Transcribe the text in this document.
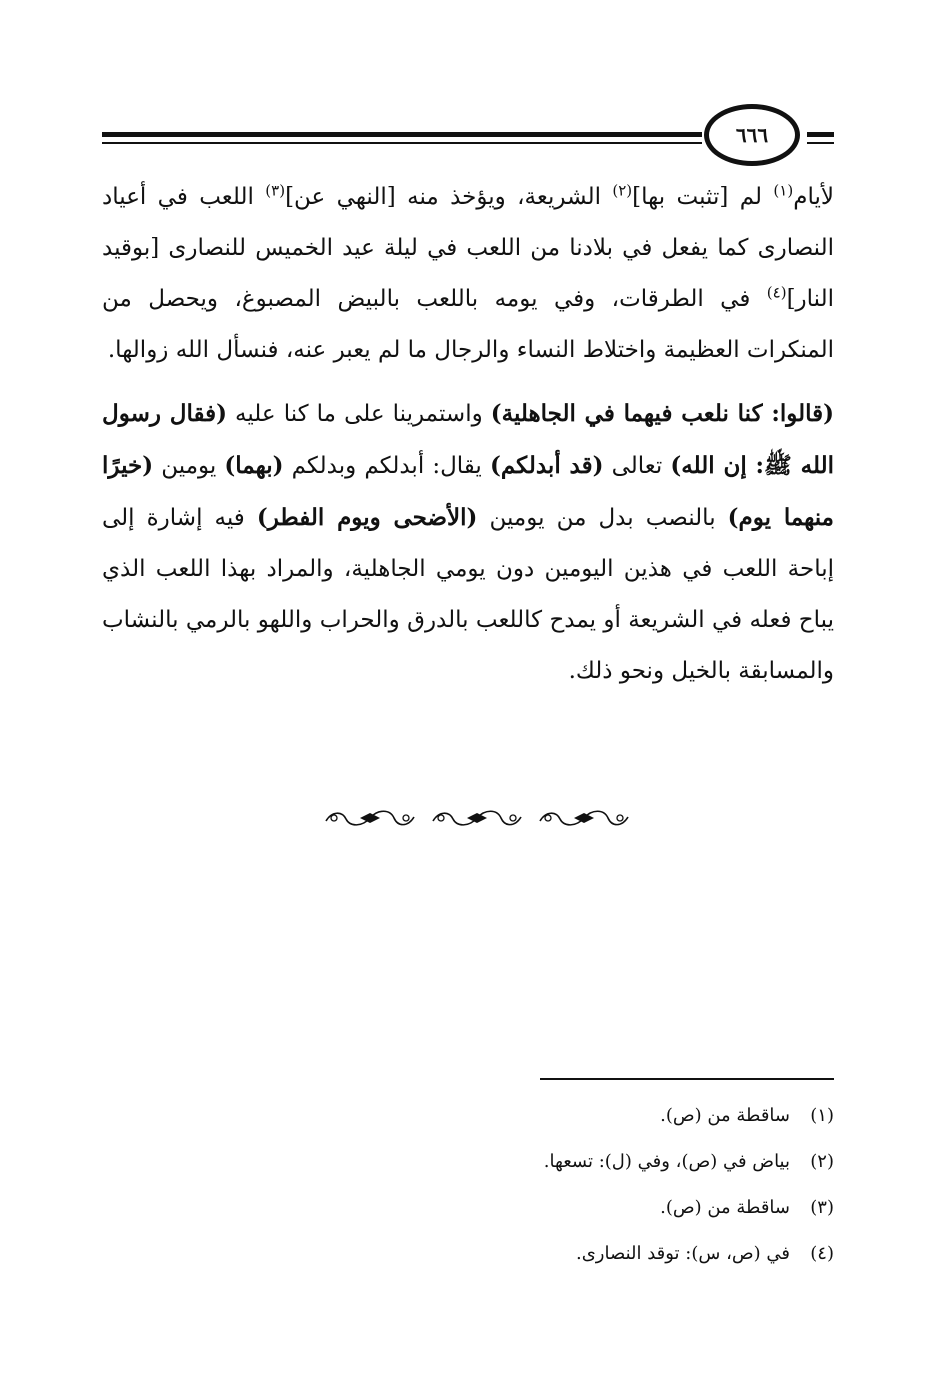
٦٦٦

لأيام$^{(١)}$ لم [تثبت بها]$^{(٢)}$ الشريعة، ويؤخذ منه [النهي عن]$^{(٣)}$ اللعب في أعياد النصارى كما يفعل في بلادنا من اللعب في ليلة عيد الخميس للنصارى [بوقيد النار]$^{(٤)}$ في الطرقات، وفي يومه باللعب بالبيض المصبوغ، ويحصل من المنكرات العظيمة واختلاط النساء والرجال ما لم يعبر عنه، فنسأل الله زوالها.

(قالوا: كنا نلعب فيهما في الجاهلية) واستمرينا على ما كنا عليه (فقال رسول الله ﷺ: إن الله) تعالى (قد أبدلكم) يقال: أبدلكم وبدلكم (بهما) يومين (خيرًا منهما يوم) بالنصب بدل من يومين (الأضحى ويوم الفطر) فيه إشارة إلى إباحة اللعب في هذين اليومين دون يومي الجاهلية، والمراد بهذا اللعب الذي يباح فعله في الشريعة أو يمدح كاللعب بالدرق والحراب واللهو بالرمي بالنشاب والمسابقة بالخيل ونحو ذلك.

(١)
ساقطة من (ص).
(٢)
بياض في (ص)، وفي (ل): تسعها.
(٣)
ساقطة من (ص).
(٤)
في (ص، س): توقد النصارى.
